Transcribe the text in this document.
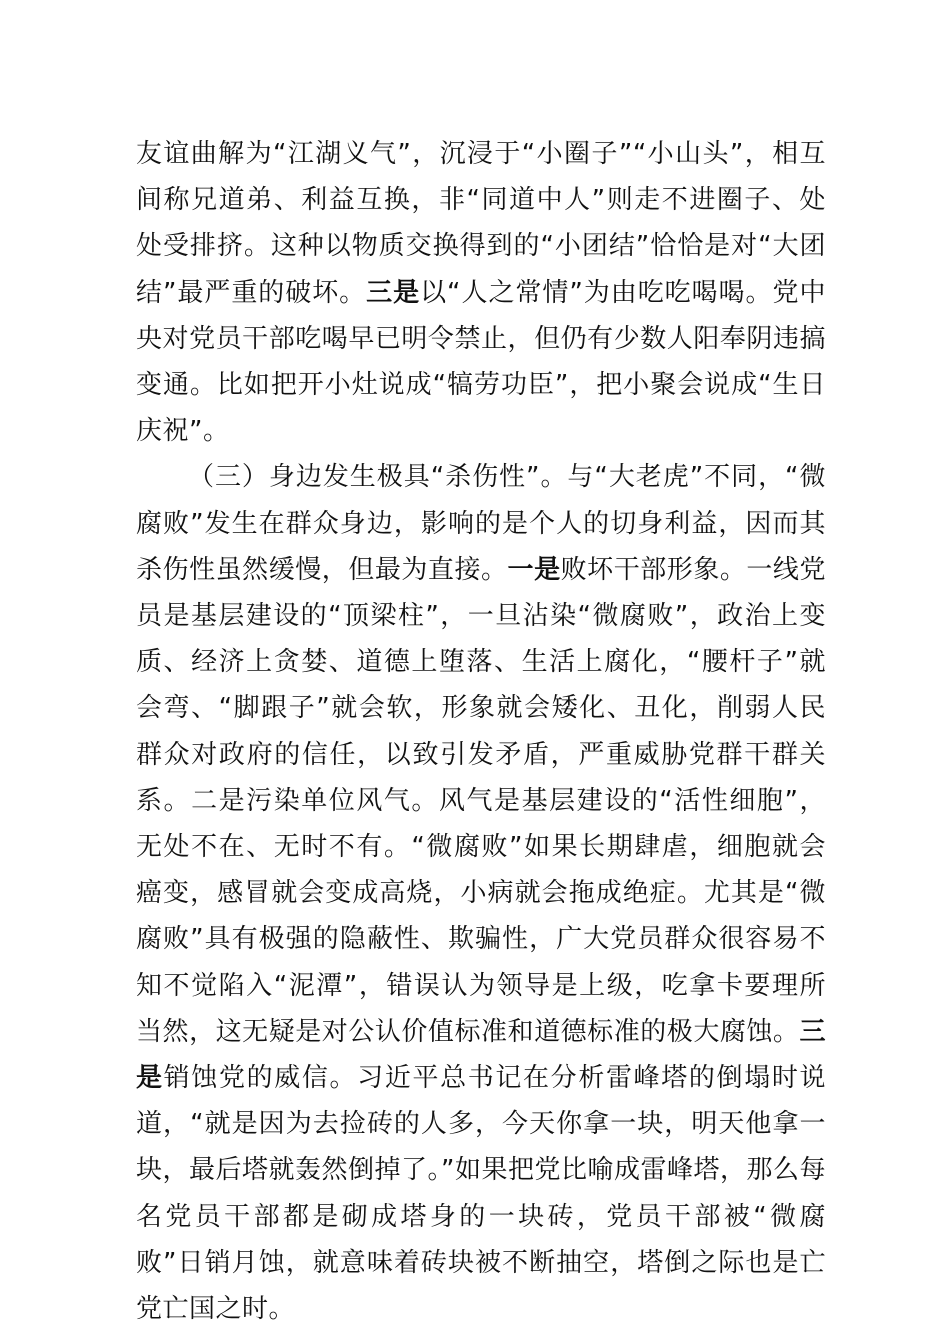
友谊曲解为“江湖义气”，沉浸于“小圈子”“小山头”，相互间称兄道弟、利益互换，非“同道中人”则走不进圈子、处处受排挤。这种以物质交换得到的“小团结”恰恰是对“大团结”最严重的破坏。三是以“人之常情”为由吃吃喝喝。党中央对党员干部吃喝早已明令禁止，但仍有少数人阳奉阴违搞变通。比如把开小灶说成“犒劳功臣”，把小聚会说成“生日庆祝”。

（三）身边发生极具“杀伤性”。与“大老虎”不同，“微腐败”发生在群众身边，影响的是个人的切身利益，因而其杀伤性虽然缓慢，但最为直接。一是败坏干部形象。一线党员是基层建设的“顶梁柱”，一旦沾染“微腐败”，政治上变质、经济上贪婪、道德上堕落、生活上腐化，“腰杆子”就会弯、“脚跟子”就会软，形象就会矮化、丑化，削弱人民群众对政府的信任，以致引发矛盾，严重威胁党群干群关系。二是污染单位风气。风气是基层建设的“活性细胞”，无处不在、无时不有。“微腐败”如果长期肆虐，细胞就会癌变，感冒就会变成高烧，小病就会拖成绝症。尤其是“微腐败”具有极强的隐蔽性、欺骗性，广大党员群众很容易不知不觉陷入“泥潭”，错误认为领导是上级，吃拿卡要理所当然，这无疑是对公认价值标准和道德标准的极大腐蚀。三是销蚀党的威信。习近平总书记在分析雷峰塔的倒塌时说道，“就是因为去捡砖的人多，今天你拿一块，明天他拿一块，最后塔就轰然倒掉了。”如果把党比喻成雷峰塔，那么每名党员干部都是砌成塔身的一块砖，党员干部被“微腐败”日销月蚀，就意味着砖块被不断抽空，塔倒之际也是亡党亡国之时。
